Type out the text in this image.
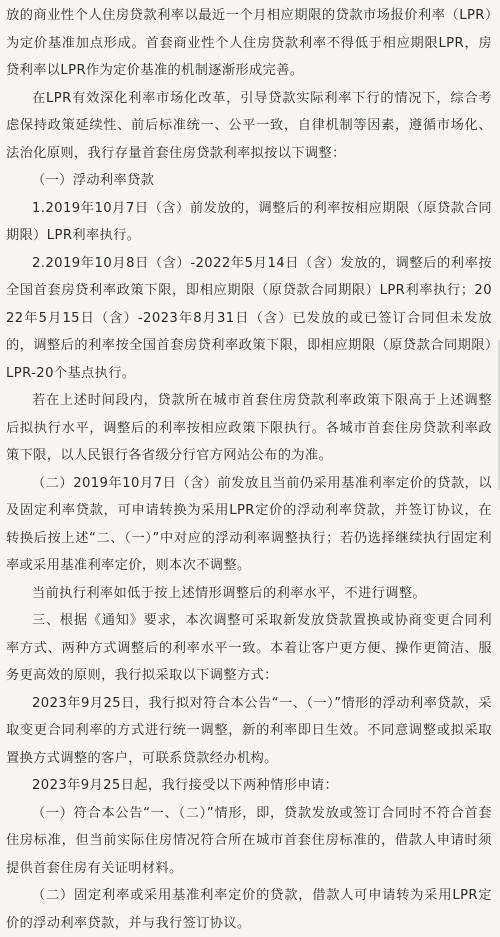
放的商业性个人住房贷款利率以最近一个月相应期限的贷款市场报价利率（LPR）为定价基准加点形成。首套商业性个人住房贷款利率不得低于相应期限LPR，房贷利率以LPR作为定价基准的机制逐渐形成完善。

在LPR有效深化利率市场化改革，引导贷款实际利率下行的情况下，综合考虑保持政策延续性、前后标准统一、公平一致，自律机制等因素，遵循市场化、法治化原则，我行存量首套住房贷款利率拟按以下调整：

（一）浮动利率贷款

1.2019年10月7日（含）前发放的，调整后的利率按相应期限（原贷款合同期限）LPR利率执行。

2.2019年10月8日（含）-2022年5月14日（含）发放的，调整后的利率按全国首套房贷利率政策下限，即相应期限（原贷款合同期限）LPR利率执行；2022年5月15日（含）-2023年8月31日（含）已发放的或已签订合同但未发放的，调整后的利率按全国首套房贷利率政策下限，即相应期限（原贷款合同期限）LPR-20个基点执行。

若在上述时间段内，贷款所在城市首套住房贷款利率政策下限高于上述调整后拟执行水平，调整后的利率按相应政策下限执行。各城市首套住房贷款利率政策下限，以人民银行各省级分行官方网站公布的为准。

（二）2019年10月7日（含）前发放且当前仍采用基准利率定价的贷款，以及固定利率贷款，可申请转换为采用LPR定价的浮动利率贷款，并签订协议，在转换后按上述“二、（一）”中对应的浮动利率调整执行；若仍选择继续执行固定利率或采用基准利率定价，则本次不调整。

当前执行利率如低于按上述情形调整后的利率水平，不进行调整。

三、根据《通知》要求，本次调整可采取新发放贷款置换或协商变更合同利率方式、两种方式调整后的利率水平一致。本着让客户更方便、操作更简洁、服务更高效的原则，我行拟采取以下调整方式：

2023年9月25日，我行拟对符合本公告“一、（一）”情形的浮动利率贷款，采取变更合同利率的方式进行统一调整，新的利率即日生效。不同意调整或拟采取置换方式调整的客户，可联系贷款经办机构。

2023年9月25日起，我行接受以下两种情形申请：

（一）符合本公告“一、（二）”情形，即，贷款发放或签订合同时不符合首套住房标准，但当前实际住房情况符合所在城市首套住房标准的，借款人申请时须提供首套住房有关证明材料。

（二）固定利率或采用基准利率定价的贷款，借款人可申请转为采用LPR定价的浮动利率贷款，并与我行签订协议。
